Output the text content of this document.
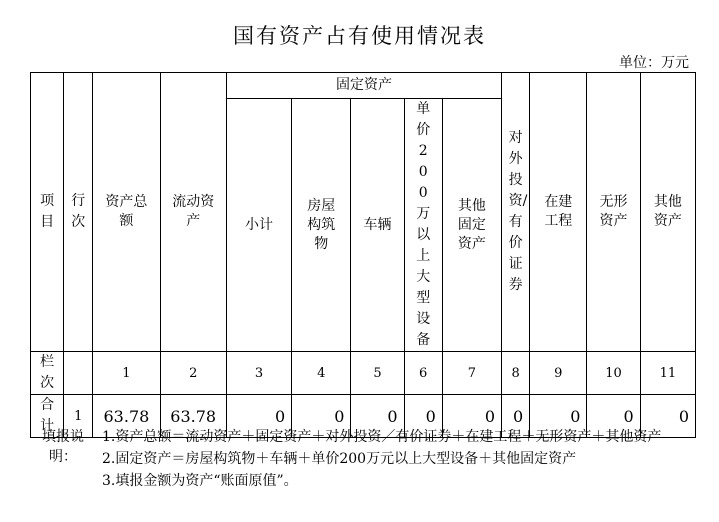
国有资产占有使用情况表
单位：万元
项目	行次	资产总额	流动资产	固定资产					对外投资/有价证券	在建工程	无形资产	其他资产
				小计	房屋构筑物	车辆	单价200万以上大型设备	其他固定资产				
栏次		1	2	3	4	5	6	7	8	9	10	11
合计	1	63.78	63.78	0	0	0	0	0	0	0	0	0
填报说明：
1.资产总额＝流动资产＋固定资产＋对外投资／有价证券＋在建工程＋无形资产＋其他资产
2.固定资产＝房屋构筑物＋车辆＋单价200万元以上大型设备＋其他固定资产
3.填报金额为资产“账面原值”。
